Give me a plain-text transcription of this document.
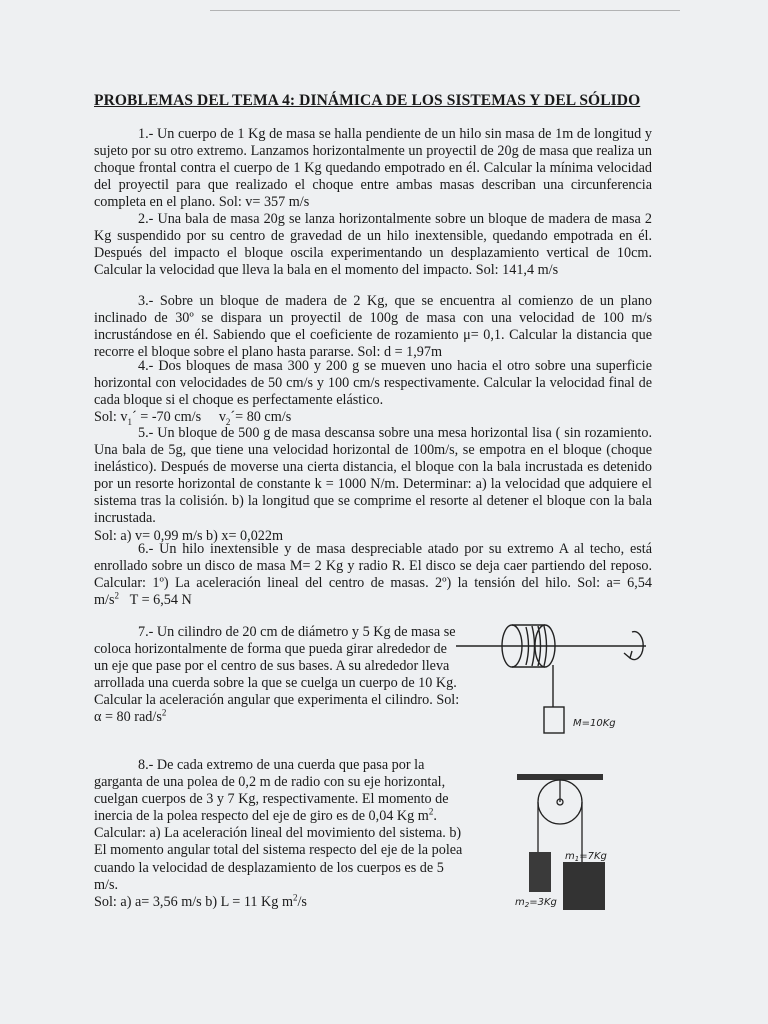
PROBLEMAS DEL TEMA 4: DINÁMICA DE LOS SISTEMAS Y DEL SÓLIDO
1.- Un cuerpo de 1 Kg de masa se halla pendiente de un hilo sin masa de 1m de longitud y sujeto por su otro extremo. Lanzamos horizontalmente un proyectil de 20g de masa que realiza un choque frontal contra el cuerpo de 1 Kg quedando empotrado en él. Calcular la mínima velocidad del proyectil para que realizado el choque entre ambas masas describan una circunferencia completa en el plano. Sol: v= 357 m/s
2.- Una bala de masa 20g se lanza horizontalmente sobre un bloque de madera de masa 2 Kg suspendido por su centro de gravedad de un hilo inextensible, quedando empotrada en él. Después del impacto el bloque oscila experimentando un desplazamiento vertical de 10cm. Calcular la velocidad que lleva la bala en el momento del impacto. Sol: 141,4 m/s
3.- Sobre un bloque de madera de 2 Kg, que se encuentra al comienzo de un plano inclinado de 30º se dispara un proyectil de 100g de masa con una velocidad de 100 m/s incrustándose en él. Sabiendo que el coeficiente de rozamiento μ= 0,1. Calcular la distancia que recorre el bloque sobre el plano hasta pararse. Sol: d = 1,97m
4.- Dos bloques de masa 300 y 200 g se mueven uno hacia el otro sobre una superficie horizontal con velocidades de 50 cm/s y 100 cm/s respectivamente. Calcular la velocidad final de cada bloque si el choque es perfectamente elástico.
Sol: $v_1´ = -70$ cm/s $v_2´= 80$ cm/s
5.- Un bloque de 500 g de masa descansa sobre una mesa horizontal lisa ( sin rozamiento. Una bala de 5g, que tiene una velocidad horizontal de 100m/s, se empotra en el bloque (choque inelástico). Después de moverse una cierta distancia, el bloque con la bala incrustada es detenido por un resorte horizontal de constante k = 1000 N/m. Determinar: a) la velocidad que adquiere el sistema tras la colisión. b) la longitud que se comprime el resorte al detener el bloque con la bala incrustada.
Sol: a) v= 0,99 m/s b) x= 0,022m
6.- Un hilo inextensible y de masa despreciable atado por su extremo A al techo, está enrollado sobre un disco de masa M= 2 Kg y radio R. El disco se deja caer partiendo del reposo. Calcular: 1º) La aceleración lineal del centro de masas. 2º) la tensión del hilo. Sol: a= 6,54 $m/s^2$ T = 6,54 N
7.- Un cilindro de 20 cm de diámetro y 5 Kg de masa se coloca horizontalmente de forma que pueda girar alrededor de un eje que pase por el centro de sus bases. A su alrededor lleva arrollada una cuerda sobre la que se cuelga un cuerpo de 10 Kg. Calcular la aceleración angular que experimenta el cilindro. Sol: α = 80 rad/$s^2$
8.- De cada extremo de una cuerda que pasa por la garganta de una polea de 0,2 m de radio con su eje horizontal, cuelgan cuerpos de 3 y 7 Kg, respectivamente. El momento de inercia de la polea respecto del eje de giro es de 0,04 Kg $m^2$. Calcular: a) La aceleración lineal del movimiento del sistema. b) El momento angular total del sistema respecto del eje de la polea cuando la velocidad de desplazamiento de los cuerpos es de 5 m/s.
Sol: a) a= 3,56 m/s b) L = 11 Kg $m^2/s$
M=10Kg
$m_1=7Kg$
$m_2=3Kg$
